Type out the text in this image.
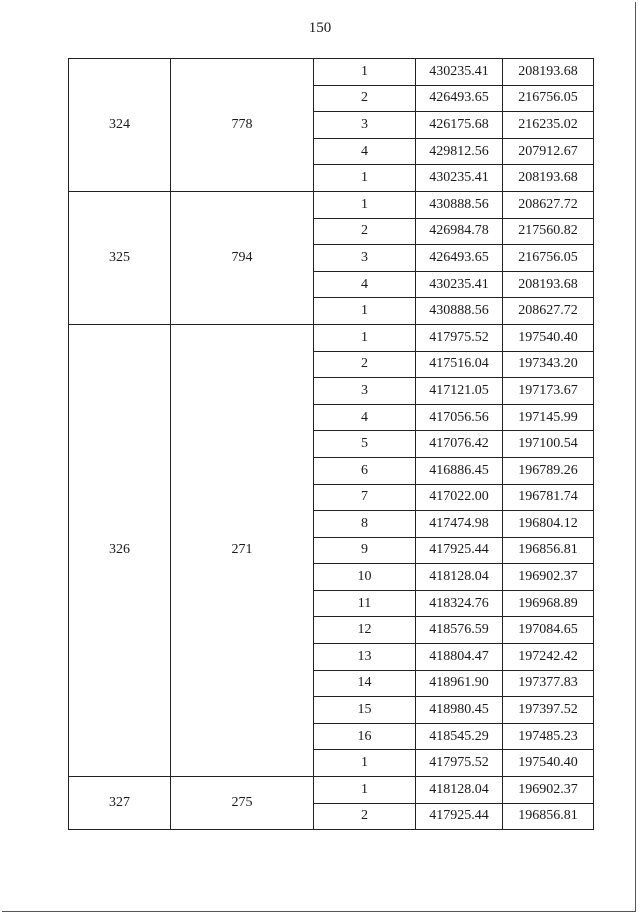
150
324	778	1	430235.41	208193.68
		2	426493.65	216756.05
		3	426175.68	216235.02
		4	429812.56	207912.67
		1	430235.41	208193.68
325	794	1	430888.56	208627.72
		2	426984.78	217560.82
		3	426493.65	216756.05
		4	430235.41	208193.68
		1	430888.56	208627.72
326	271	1	417975.52	197540.40
		2	417516.04	197343.20
		3	417121.05	197173.67
		4	417056.56	197145.99
		5	417076.42	197100.54
		6	416886.45	196789.26
		7	417022.00	196781.74
		8	417474.98	196804.12
		9	417925.44	196856.81
		10	418128.04	196902.37
		11	418324.76	196968.89
		12	418576.59	197084.65
		13	418804.47	197242.42
		14	418961.90	197377.83
		15	418980.45	197397.52
		16	418545.29	197485.23
		1	417975.52	197540.40
327	275	1	418128.04	196902.37
		2	417925.44	196856.81
